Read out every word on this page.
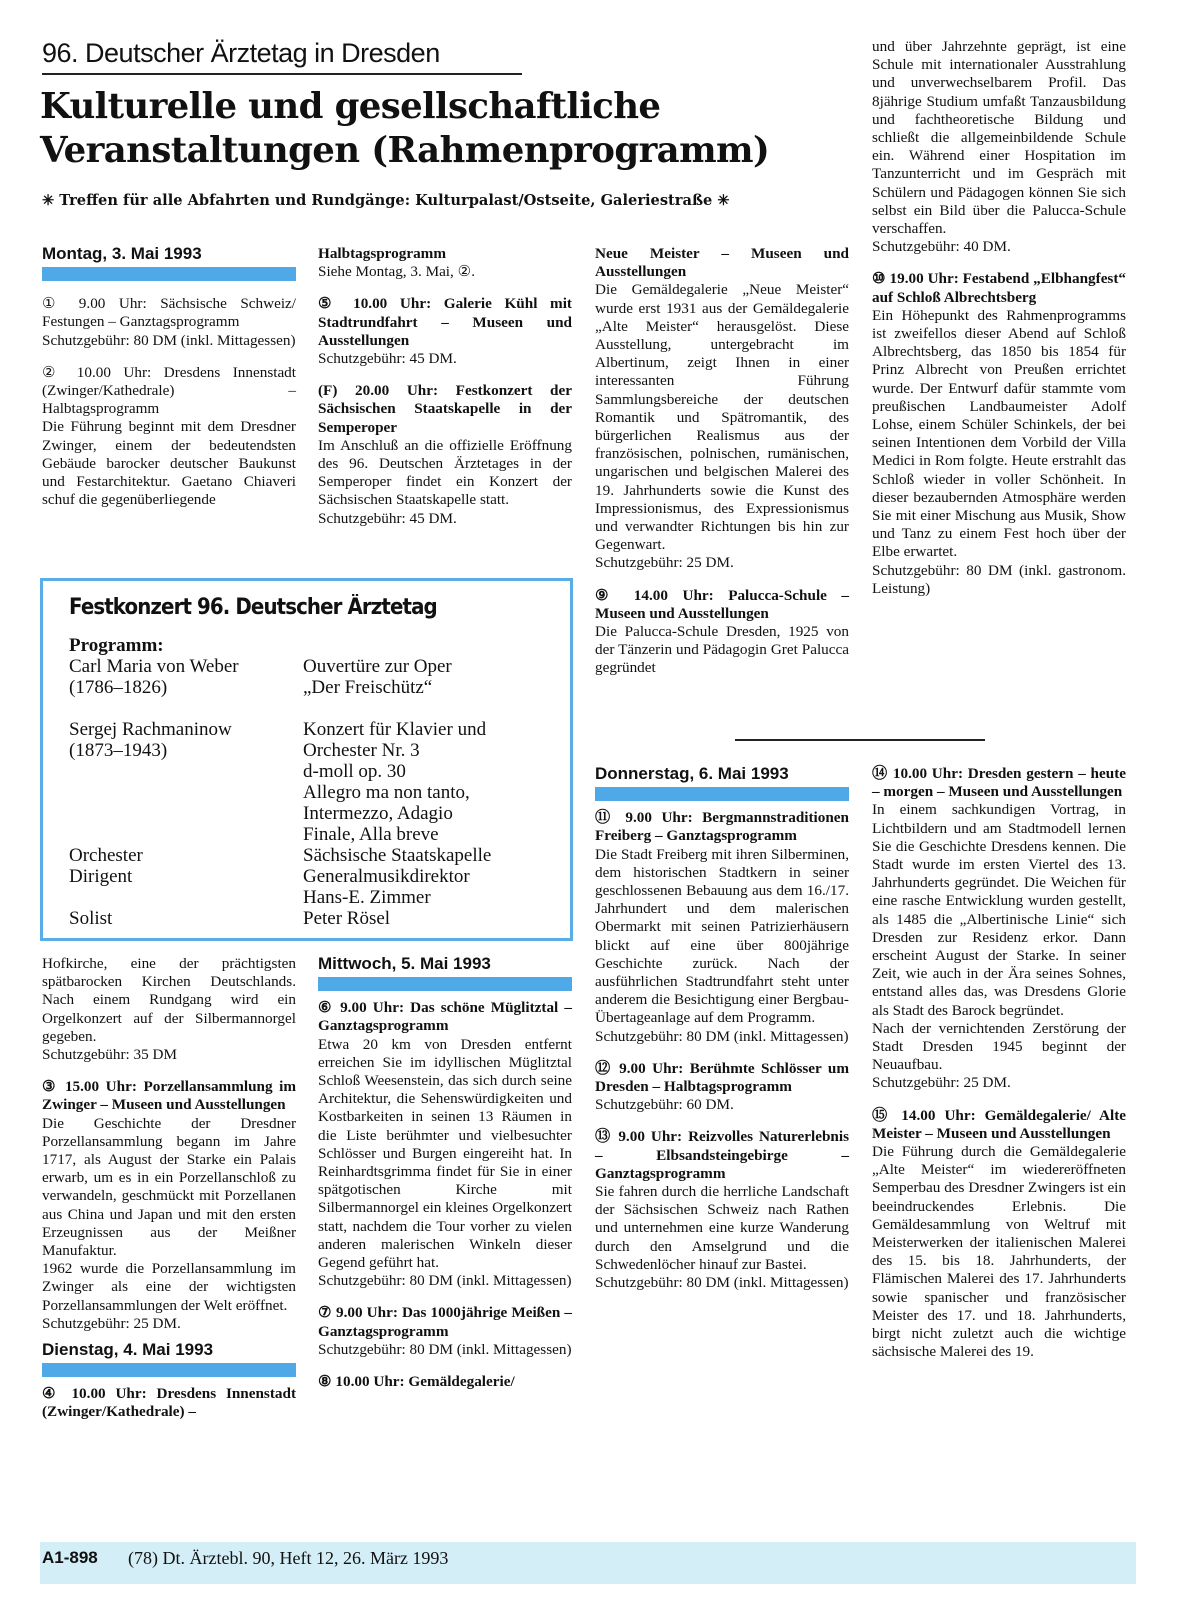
96. Deutscher Ärztetag in Dresden
Kulturelle und gesellschaftliche
Veranstaltungen (Rahmenprogramm)
✳ Treffen für alle Abfahrten und Rundgänge: Kulturpalast/Ostseite, Galeriestraße ✳

Montag, 3. Mai 1993

① 9.00 Uhr: Sächsische Schweiz/ Festungen – Ganztagsprogramm

Schutzgebühr: 80 DM (inkl. Mittagessen)

② 10.00 Uhr: Dresdens Innenstadt (Zwinger/Kathedrale) – Halbtagsprogramm

Die Führung beginnt mit dem Dresdner Zwinger, einem der bedeutendsten Gebäude barocker deutscher Baukunst und Festarchitektur. Gaetano Chiaveri schuf die gegenüberliegende

Halbtagsprogramm

Siehe Montag, 3. Mai, ②.

⑤ 10.00 Uhr: Galerie Kühl mit Stadtrundfahrt – Museen und Ausstellungen

Schutzgebühr: 45 DM.

(F) 20.00 Uhr: Festkonzert der Sächsischen Staatskapelle in der Semperoper

Im Anschluß an die offizielle Eröffnung des 96. Deutschen Ärztetages in der Semperoper findet ein Konzert der Sächsischen Staatskapelle statt.

Schutzgebühr: 45 DM.

Neue Meister – Museen und Ausstellungen

Die Gemäldegalerie „Neue Meister“ wurde erst 1931 aus der Gemäldegalerie „Alte Meister“ herausgelöst. Diese Ausstellung, untergebracht im Albertinum, zeigt Ihnen in einer interessanten Führung Sammlungsbereiche der deutschen Romantik und Spätromantik, des bürgerlichen Realismus aus der französischen, polnischen, rumänischen, ungarischen und belgischen Malerei des 19. Jahrhunderts sowie die Kunst des Impressionismus, des Expressionismus und verwandter Richtungen bis hin zur Gegenwart.

Schutzgebühr: 25 DM.

⑨ 14.00 Uhr: Palucca-Schule – Museen und Ausstellungen

Die Palucca-Schule Dresden, 1925 von der Tänzerin und Pädagogin Gret Palucca gegründet

und über Jahrzehnte geprägt, ist eine Schule mit internationaler Ausstrahlung und unverwechselbarem Profil. Das 8jährige Studium umfaßt Tanzausbildung und fachtheoretische Bildung und schließt die allgemeinbildende Schule ein. Während einer Hospitation im Tanzunterricht und im Gespräch mit Schülern und Pädagogen können Sie sich selbst ein Bild über die Palucca-Schule verschaffen.

Schutzgebühr: 40 DM.

⑩ 19.00 Uhr: Festabend „Elbhangfest“ auf Schloß Albrechtsberg

Ein Höhepunkt des Rahmenprogramms ist zweifellos dieser Abend auf Schloß Albrechtsberg, das 1850 bis 1854 für Prinz Albrecht von Preußen errichtet wurde. Der Entwurf dafür stammte vom preußischen Landbaumeister Adolf Lohse, einem Schüler Schinkels, der bei seinen Intentionen dem Vorbild der Villa Medici in Rom folgte. Heute erstrahlt das Schloß wieder in voller Schönheit. In dieser bezaubernden Atmosphäre werden Sie mit einer Mischung aus Musik, Show und Tanz zu einem Fest hoch über der Elbe erwartet.

Schutzgebühr: 80 DM (inkl. gastronom. Leistung)

Festkonzert 96. Deutscher Ärztetag
Programm:
Carl Maria von Weber
(1786–1826)
Sergej Rachmaninow
(1873–1943)
Orchester
Dirigent
Solist
Ouvertüre zur Oper
„Der Freischütz“
Konzert für Klavier und
Orchester Nr. 3
d-moll op. 30
Allegro ma non tanto,
Intermezzo, Adagio
Finale, Alla breve
Sächsische Staatskapelle
Generalmusikdirektor
Hans-E. Zimmer
Peter Rösel

Hofkirche, eine der prächtigsten spätbarocken Kirchen Deutschlands. Nach einem Rundgang wird ein Orgelkonzert auf der Silbermannorgel gegeben.

Schutzgebühr: 35 DM

③ 15.00 Uhr: Porzellansammlung im Zwinger – Museen und Ausstellungen

Die Geschichte der Dresdner Porzellansammlung begann im Jahre 1717, als August der Starke ein Palais erwarb, um es in ein Porzellanschloß zu verwandeln, geschmückt mit Porzellanen aus China und Japan und mit den ersten Erzeugnissen aus der Meißner Manufaktur.

1962 wurde die Porzellansammlung im Zwinger als eine der wichtigsten Porzellansammlungen der Welt eröffnet.

Schutzgebühr: 25 DM.

Dienstag, 4. Mai 1993

④ 10.00 Uhr: Dresdens Innenstadt (Zwinger/Kathedrale) –

Mittwoch, 5. Mai 1993

⑥ 9.00 Uhr: Das schöne Müglitztal – Ganztagsprogramm

Etwa 20 km von Dresden entfernt erreichen Sie im idyllischen Müglitztal Schloß Weesenstein, das sich durch seine Architektur, die Sehenswürdigkeiten und Kostbarkeiten in seinen 13 Räumen in die Liste berühmter und vielbesuchter Schlösser und Burgen eingereiht hat. In Reinhardtsgrimma findet für Sie in einer spätgotischen Kirche mit Silbermannorgel ein kleines Orgelkonzert statt, nachdem die Tour vorher zu vielen anderen malerischen Winkeln dieser Gegend geführt hat.

Schutzgebühr: 80 DM (inkl. Mittagessen)

⑦ 9.00 Uhr: Das 1000jährige Meißen – Ganztagsprogramm

Schutzgebühr: 80 DM (inkl. Mittagessen)

⑧ 10.00 Uhr: Gemäldegalerie/

Donnerstag, 6. Mai 1993

⑪ 9.00 Uhr: Bergmannstraditionen Freiberg – Ganztagsprogramm

Die Stadt Freiberg mit ihren Silberminen, dem historischen Stadtkern in seiner geschlossenen Bebauung aus dem 16./17. Jahrhundert und dem malerischen Obermarkt mit seinen Patrizierhäusern blickt auf eine über 800jährige Geschichte zurück. Nach der ausführlichen Stadtrundfahrt steht unter anderem die Besichtigung einer Bergbau-Übertageanlage auf dem Programm.

Schutzgebühr: 80 DM (inkl. Mittagessen)

⑫ 9.00 Uhr: Berühmte Schlösser um Dresden – Halbtagsprogramm

Schutzgebühr: 60 DM.

⑬ 9.00 Uhr: Reizvolles Naturerlebnis – Elbsandsteingebirge – Ganztagsprogramm

Sie fahren durch die herrliche Landschaft der Sächsischen Schweiz nach Rathen und unternehmen eine kurze Wanderung durch den Amselgrund und die Schwedenlöcher hinauf zur Bastei.

Schutzgebühr: 80 DM (inkl. Mittagessen)

⑭ 10.00 Uhr: Dresden gestern – heute – morgen – Museen und Ausstellungen

In einem sachkundigen Vortrag, in Lichtbildern und am Stadtmodell lernen Sie die Geschichte Dresdens kennen. Die Stadt wurde im ersten Viertel des 13. Jahrhunderts gegründet. Die Weichen für eine rasche Entwicklung wurden gestellt, als 1485 die „Albertinische Linie“ sich Dresden zur Residenz erkor. Dann erscheint August der Starke. In seiner Zeit, wie auch in der Ära seines Sohnes, entstand alles das, was Dresdens Glorie als Stadt des Barock begründet.

Nach der vernichtenden Zerstörung der Stadt Dresden 1945 beginnt der Neuaufbau.

Schutzgebühr: 25 DM.

⑮ 14.00 Uhr: Gemäldegalerie/ Alte Meister – Museen und Ausstellungen

Die Führung durch die Gemäldegalerie „Alte Meister“ im wiedereröffneten Semperbau des Dresdner Zwingers ist ein beeindruckendes Erlebnis. Die Gemäldesammlung von Weltruf mit Meisterwerken der italienischen Malerei des 15. bis 18. Jahrhunderts, der Flämischen Malerei des 17. Jahrhunderts sowie spanischer und französischer Meister des 17. und 18. Jahrhunderts, birgt nicht zuletzt auch die wichtige sächsische Malerei des 19.

A1-898 (78) Dt. Ärztebl. 90, Heft 12, 26. März 1993
